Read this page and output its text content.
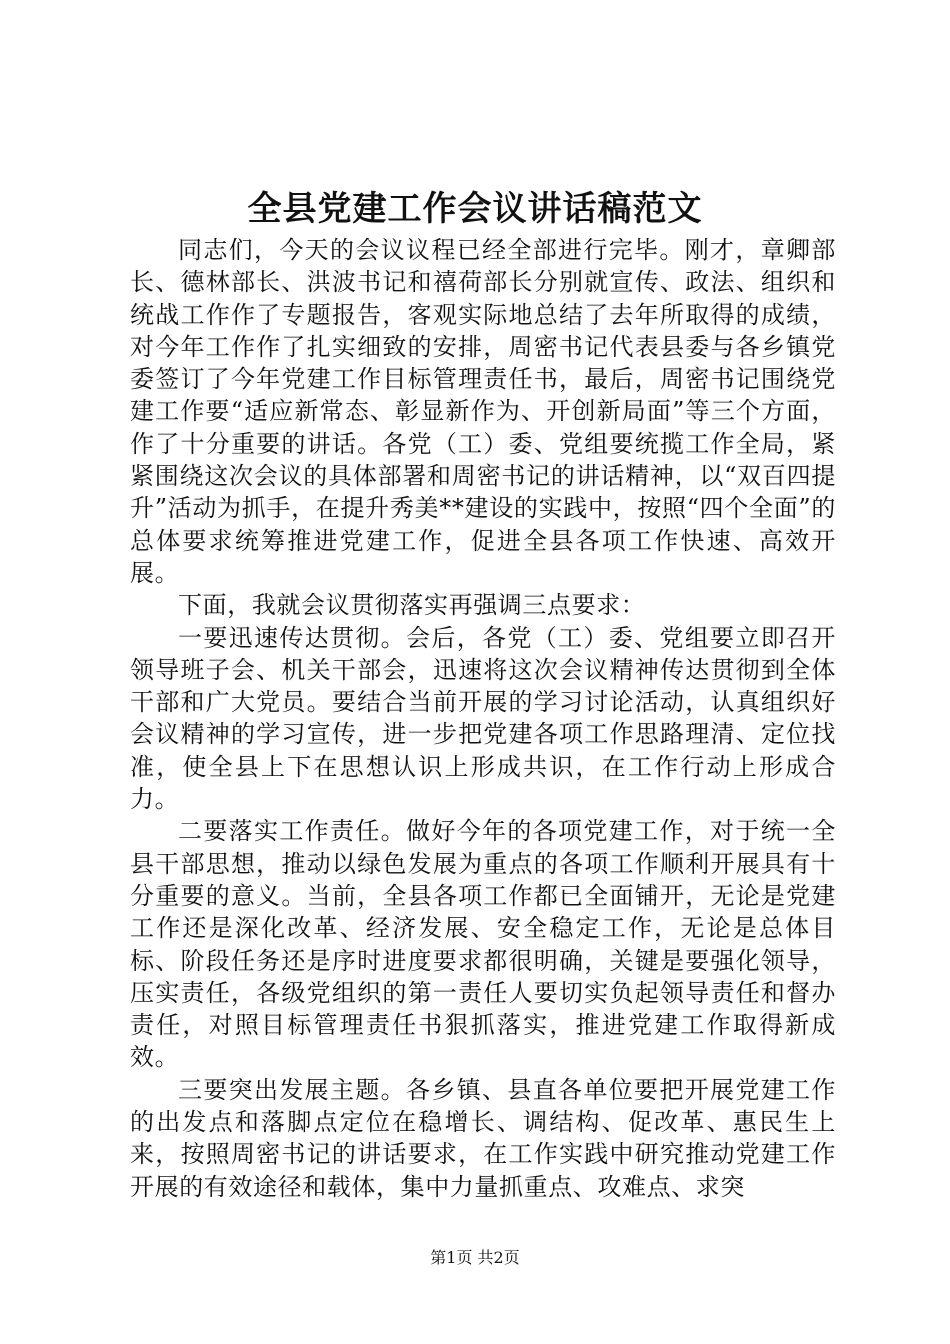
全县党建工作会议讲话稿范文

同志们，今天的会议议程已经全部进行完毕。刚才，章卿部长、德林部长、洪波书记和禧荷部长分别就宣传、政法、组织和统战工作作了专题报告，客观实际地总结了去年所取得的成绩，对今年工作作了扎实细致的安排，周密书记代表县委与各乡镇党委签订了今年党建工作目标管理责任书，最后，周密书记围绕党建工作要“适应新常态、彰显新作为、开创新局面”等三个方面，作了十分重要的讲话。各党（工）委、党组要统揽工作全局，紧紧围绕这次会议的具体部署和周密书记的讲话精神，以“双百四提升”活动为抓手，在提升秀美**建设的实践中，按照“四个全面”的总体要求统筹推进党建工作，促进全县各项工作快速、高效开展。

下面，我就会议贯彻落实再强调三点要求：

一要迅速传达贯彻。会后，各党（工）委、党组要立即召开领导班子会、机关干部会，迅速将这次会议精神传达贯彻到全体干部和广大党员。要结合当前开展的学习讨论活动，认真组织好会议精神的学习宣传，进一步把党建各项工作思路理清、定位找准，使全县上下在思想认识上形成共识，在工作行动上形成合力。

二要落实工作责任。做好今年的各项党建工作，对于统一全县干部思想，推动以绿色发展为重点的各项工作顺利开展具有十分重要的意义。当前，全县各项工作都已全面铺开，无论是党建工作还是深化改革、经济发展、安全稳定工作，无论是总体目标、阶段任务还是序时进度要求都很明确，关键是要强化领导，压实责任，各级党组织的第一责任人要切实负起领导责任和督办责任，对照目标管理责任书狠抓落实，推进党建工作取得新成效。

三要突出发展主题。各乡镇、县直各单位要把开展党建工作的出发点和落脚点定位在稳增长、调结构、促改革、惠民生上来，按照周密书记的讲话要求，在工作实践中研究推动党建工作开展的有效途径和载体，集中力量抓重点、攻难点、求突

第1页 共2页
